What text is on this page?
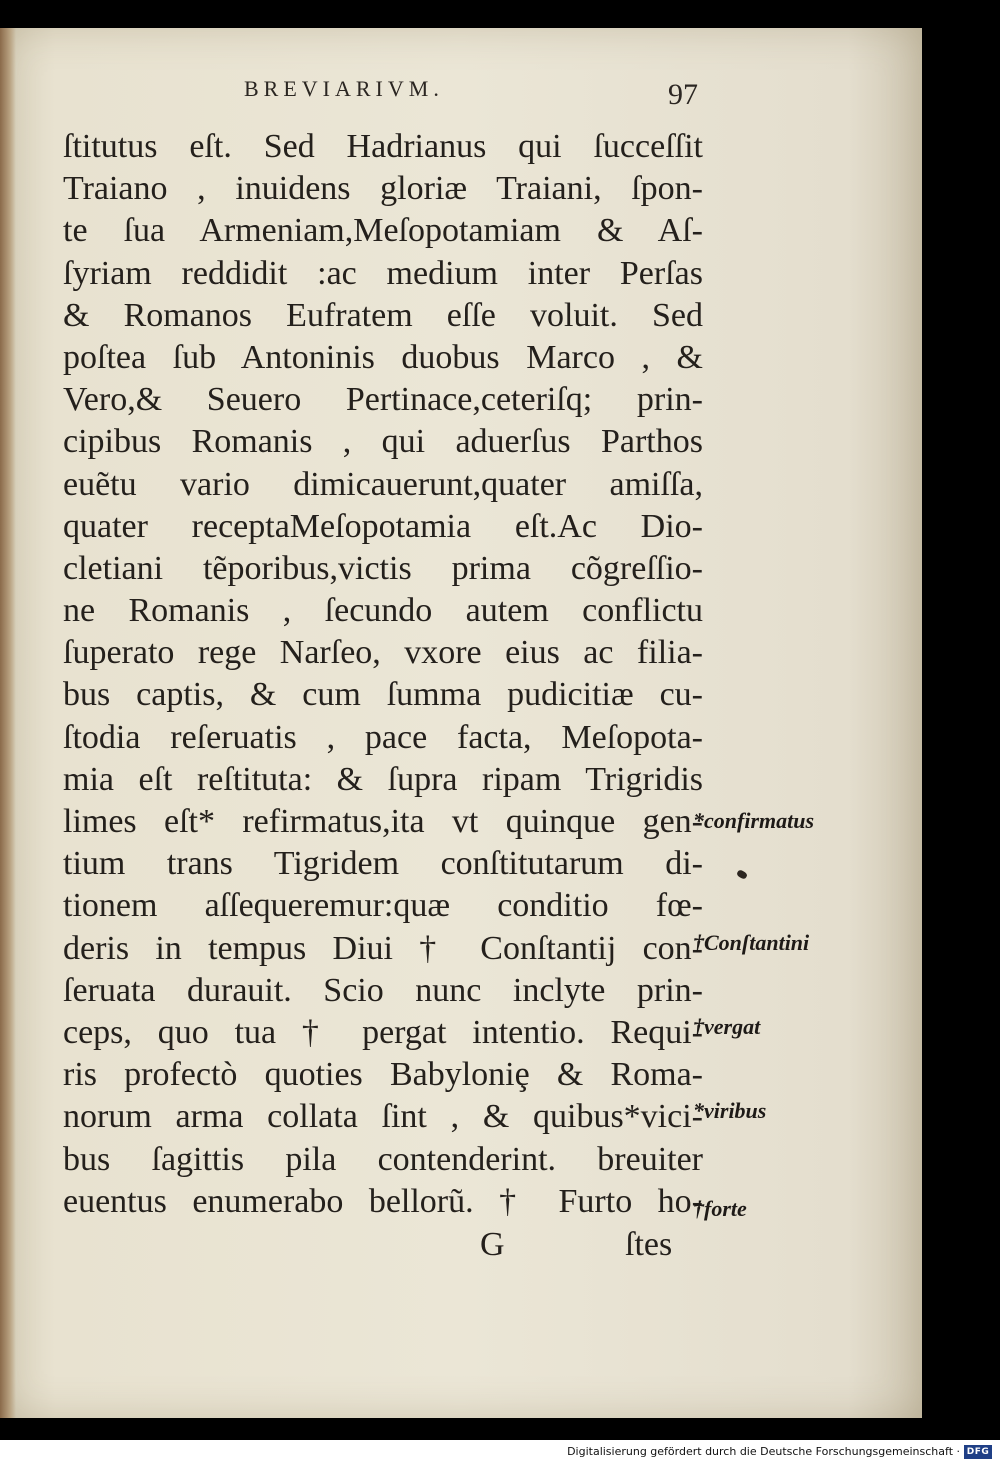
BREVIARIVM.	97
ſtitutus eſt. Sed Hadrianus qui ſucceſſit
Traiano , inuidens gloriæ Traiani, ſpon-
te ſua Armeniam,Meſopotamiam & Aſ-
ſyriam reddidit :ac medium inter Perſas
& Romanos Eufratem eſſe voluit. Sed
poſtea ſub Antoninis duobus Marco , &
Vero,& Seuero Pertinace,ceteriſq; prin-
cipibus Romanis , qui aduerſus Parthos
euẽtu vario dimicauerunt,quater amiſſa,
quater receptaMeſopotamia eſt.Ac Dio-
cletiani tẽporibus,victis prima cõgreſſio-
ne Romanis , ſecundo autem conflictu
ſuperato rege Narſeo, vxore eius ac filia-
bus captis, & cum ſumma pudicitiæ cu-
ſtodia reſeruatis , pace facta, Meſopota-
mia eſt reſtituta: & ſupra ripam Trigridis
limes eſt* refirmatus,ita vt quinque gen-
tium trans Tigridem conſtitutarum di-
tionem aſſequeremur:quæ conditio fœ-
deris in tempus Diui † Conſtantij con-
ſeruata durauit. Scio nunc inclyte prin-
ceps, quo tua † pergat intentio. Requi-
ris profectò quoties Babyloniȩ & Roma-
norum arma collata ſint , & quibus*vici-
bus ſagittis pila contenderint. breuiter
euentus enumerabo bellorũ. † Furto ho-
G	ſtes
*confirmatus
†Conſtantini
†vergat
*viribus
†forte
Digitalisierung gefördert durch die Deutsche Forschungsgemeinschaft · DFG
